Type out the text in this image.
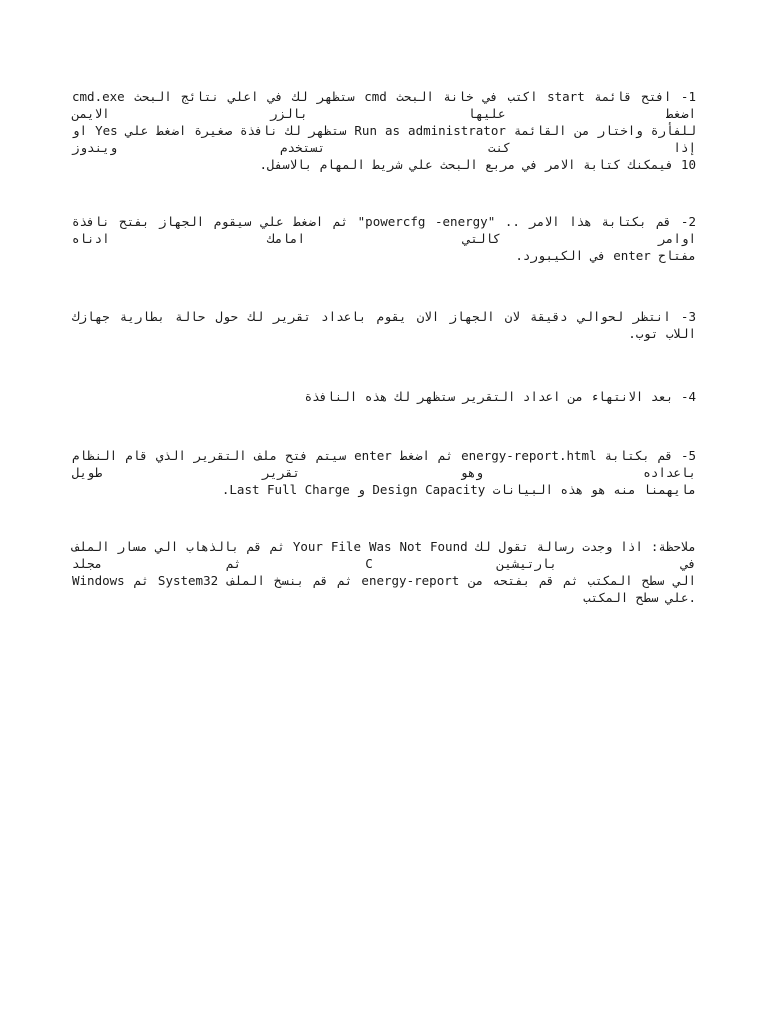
1- افتح قائمة start اكتب في خانة البحث cmd ستظهر لك في اعلي نتائج البحث cmd.exe اضغط عليها بالزر الايمن
للفأرة واختار من القائمة Run as administrator ستظهر لك نافذة صغيرة اضغط علي Yes او إذا كنت تستخدم ويندوز
10 فيمكنك كتابة الامر في مربع البحث علي شريط المهام بالاسفل.
2- قم بكتابة هذا الامر .. "powercfg -energy" ثم اضغط علي سيقوم الجهاز بفتح نافذة اوامر كالتي امامك ادناه
مفتاح enter في الكيبورد.
3- انتظر لحوالي دقيقة لان الجهاز الان يقوم باعداد تقرير لك حول حالة بطارية جهازك اللاب توب.
4- بعد الانتهاء من اعداد التقرير ستظهر لك هذه النافذة
5- قم بكتابة energy-report.html ثم اضغط enter سيتم فتح ملف التقرير الذي قام النظام باعداده وهو تقرير طويل
مايهمنا منه هو هذه البيانات Design Capacity و Last Full Charge.
ملاحظة: اذا وجدت رسالة تقول لك Your File Was Not Found ثم قم بالذهاب الي مسار الملف في بارتيشين C ثم مجلد
Windows ثم System32 ثم قم بنسخ الملف energy-report الي سطح المكتب ثم قم بفتحه من علي سطح المكتب.
